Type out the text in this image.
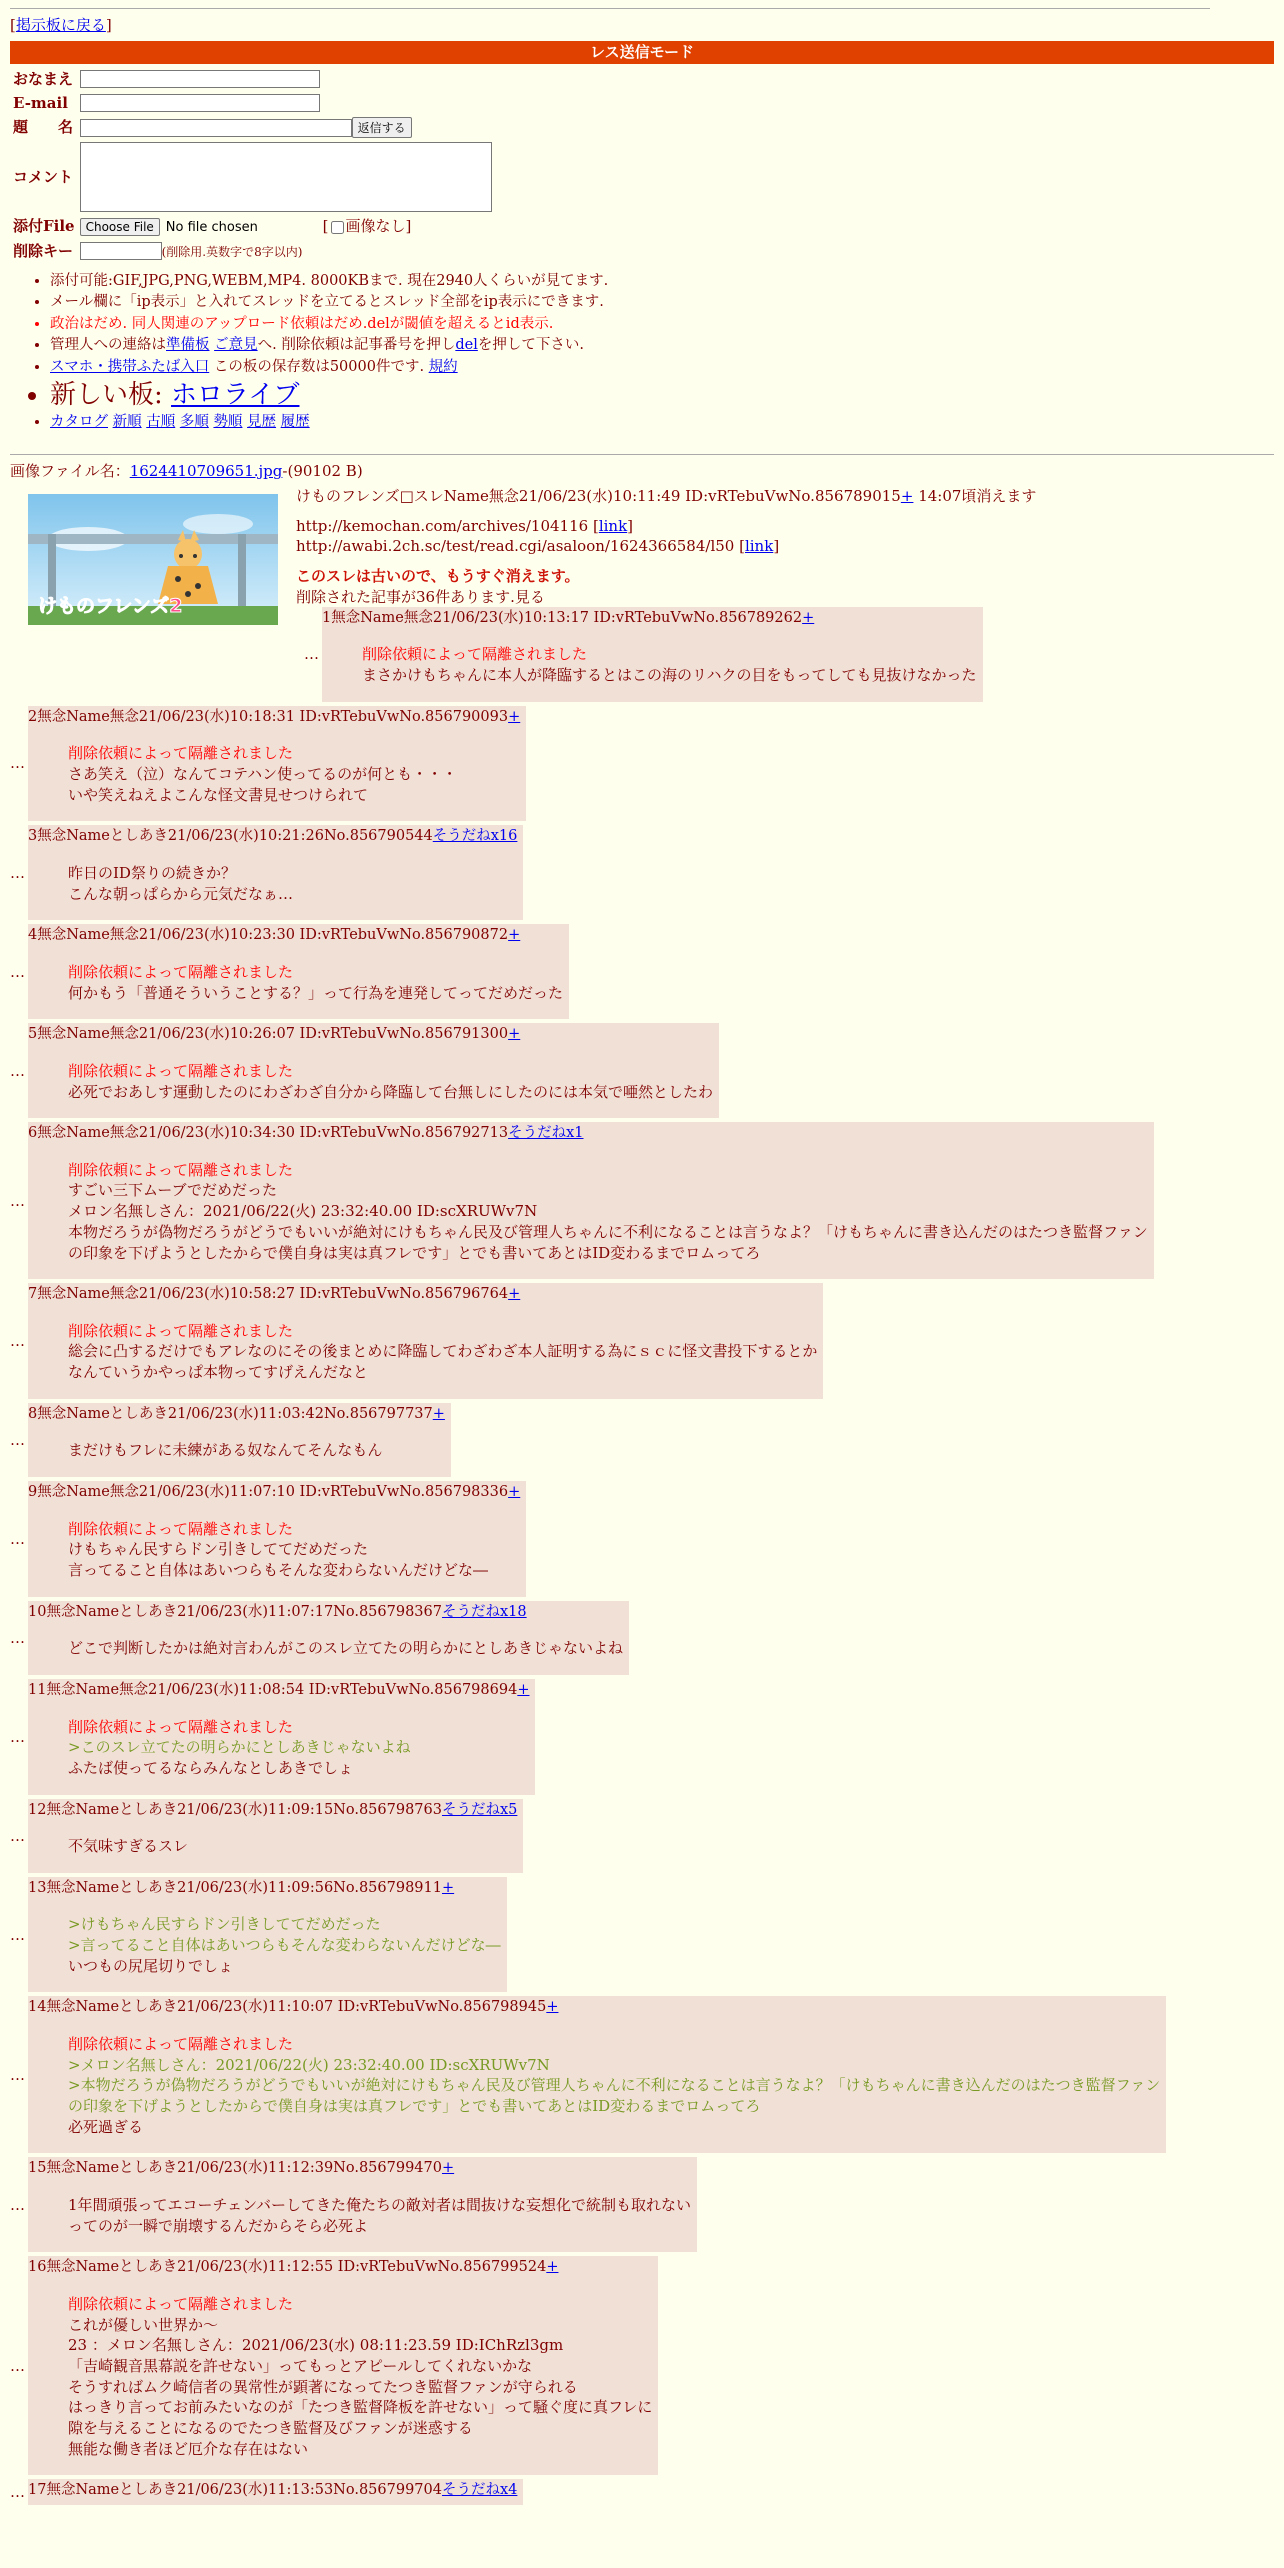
[掲示板に戻る]
レス送信モード
おなまえ	
E-mail	
題　　名	返信する
コメント	

添付File	Choose File No file chosen [ 画像なし]
削除キー	(削除用.英数字で8字以内)
• 添付可能:GIF,JPG,PNG,WEBM,MP4. 8000KBまで. 現在2940人くらいが見てます.
• メール欄に「ip表示」と入れてスレッドを立てるとスレッド全部をip表示にできます.
• 政治はだめ. 同人関連のアップロード依頼はだめ.delが閾値を超えるとid表示.
• 管理人への連絡は準備板 ご意見へ. 削除依頼は記事番号を押しdelを押して下さい.
• スマホ・携帯ふたば入口 この板の保存数は50000件です. 規約
• 新しい板: ホロライブ
• カタログ 新順 古順 多順 勢順 見歴 履歴
画像ファイル名：1624410709651.jpg-(90102 B)
けものフレンズ2
けものフレンズ□スレName無念21/06/23(水)10:11:49 ID:vRTebuVwNo.856789015+ 14:07頃消えます
http://kemochan.com/archives/104116 [link]
http://awabi.2ch.sc/test/read.cgi/asaloon/1624366584/l50 [link]
このスレは古いので、もうすぐ消えます。
削除された記事が36件あります.見る
…
1無念Name無念21/06/23(水)10:13:17 ID:vRTebuVwNo.856789262+
削除依頼によって隔離されました
まさかけもちゃんに本人が降臨するとはこの海のリハクの目をもってしても見抜けなかった
…
2無念Name無念21/06/23(水)10:18:31 ID:vRTebuVwNo.856790093+
削除依頼によって隔離されました
さあ笑え（泣）なんてコテハン使ってるのが何とも・・・
いや笑えねえよこんな怪文書見せつけられて
…
3無念Nameとしあき21/06/23(水)10:21:26No.856790544そうだねx16
昨日のID祭りの続きか？
こんな朝っぱらから元気だなぁ…
…
4無念Name無念21/06/23(水)10:23:30 ID:vRTebuVwNo.856790872+
削除依頼によって隔離されました
何かもう「普通そういうことする？」って行為を連発してってだめだった
…
5無念Name無念21/06/23(水)10:26:07 ID:vRTebuVwNo.856791300+
削除依頼によって隔離されました
必死でおあしす運動したのにわざわざ自分から降臨して台無しにしたのには本気で唖然としたわ
…
6無念Name無念21/06/23(水)10:34:30 ID:vRTebuVwNo.856792713そうだねx1
削除依頼によって隔離されました
すごい三下ムーブでだめだった
メロン名無しさん：2021/06/22(火) 23:32:40.00 ID:scXRUWv7N
本物だろうが偽物だろうがどうでもいいが絶対にけもちゃん民及び管理人ちゃんに不利になることは言うなよ？「けもちゃんに書き込んだのはたつき監督ファン
の印象を下げようとしたからで僕自身は実は真フレです」とでも書いてあとはID変わるまでロムってろ
…
7無念Name無念21/06/23(水)10:58:27 ID:vRTebuVwNo.856796764+
削除依頼によって隔離されました
総会に凸するだけでもアレなのにその後まとめに降臨してわざわざ本人証明する為にｓｃに怪文書投下するとか
なんていうかやっぱ本物ってすげえんだなと
…
8無念Nameとしあき21/06/23(水)11:03:42No.856797737+
まだけもフレに未練がある奴なんてそんなもん
…
9無念Name無念21/06/23(水)11:07:10 ID:vRTebuVwNo.856798336+
削除依頼によって隔離されました
けもちゃん民すらドン引きしててだめだった
言ってること自体はあいつらもそんな変わらないんだけどな―
…
10無念Nameとしあき21/06/23(水)11:07:17No.856798367そうだねx18
どこで判断したかは絶対言わんがこのスレ立てたの明らかにとしあきじゃないよね
…
11無念Name無念21/06/23(水)11:08:54 ID:vRTebuVwNo.856798694+
削除依頼によって隔離されました
>このスレ立てたの明らかにとしあきじゃないよね
ふたば使ってるならみんなとしあきでしょ
…
12無念Nameとしあき21/06/23(水)11:09:15No.856798763そうだねx5
不気味すぎるスレ
…
13無念Nameとしあき21/06/23(水)11:09:56No.856798911+
>けもちゃん民すらドン引きしててだめだった
>言ってること自体はあいつらもそんな変わらないんだけどな―
いつもの尻尾切りでしょ
…
14無念Nameとしあき21/06/23(水)11:10:07 ID:vRTebuVwNo.856798945+
削除依頼によって隔離されました
>メロン名無しさん：2021/06/22(火) 23:32:40.00 ID:scXRUWv7N
>本物だろうが偽物だろうがどうでもいいが絶対にけもちゃん民及び管理人ちゃんに不利になることは言うなよ？「けもちゃんに書き込んだのはたつき監督ファン
の印象を下げようとしたからで僕自身は実は真フレです」とでも書いてあとはID変わるまでロムってろ
必死過ぎる
…
15無念Nameとしあき21/06/23(水)11:12:39No.856799470+
1年間頑張ってエコーチェンバーしてきた俺たちの敵対者は間抜けな妄想化で統制も取れない
ってのが一瞬で崩壊するんだからそら必死よ
…
16無念Nameとしあき21/06/23(水)11:12:55 ID:vRTebuVwNo.856799524+
削除依頼によって隔離されました
これが優しい世界か～
23 ：メロン名無しさん：2021/06/23(水) 08:11:23.59 ID:IChRzl3gm
「吉崎観音黒幕説を許せない」ってもっとアピールしてくれないかな
そうすればムク崎信者の異常性が顕著になってたつき監督ファンが守られる
はっきり言ってお前みたいなのが「たつき監督降板を許せない」って騒ぐ度に真フレに
隙を与えることになるのでたつき監督及びファンが迷惑する
無能な働き者ほど厄介な存在はない
… 17無念Nameとしあき21/06/23(水)11:13:53No.856799704そうだねx4
